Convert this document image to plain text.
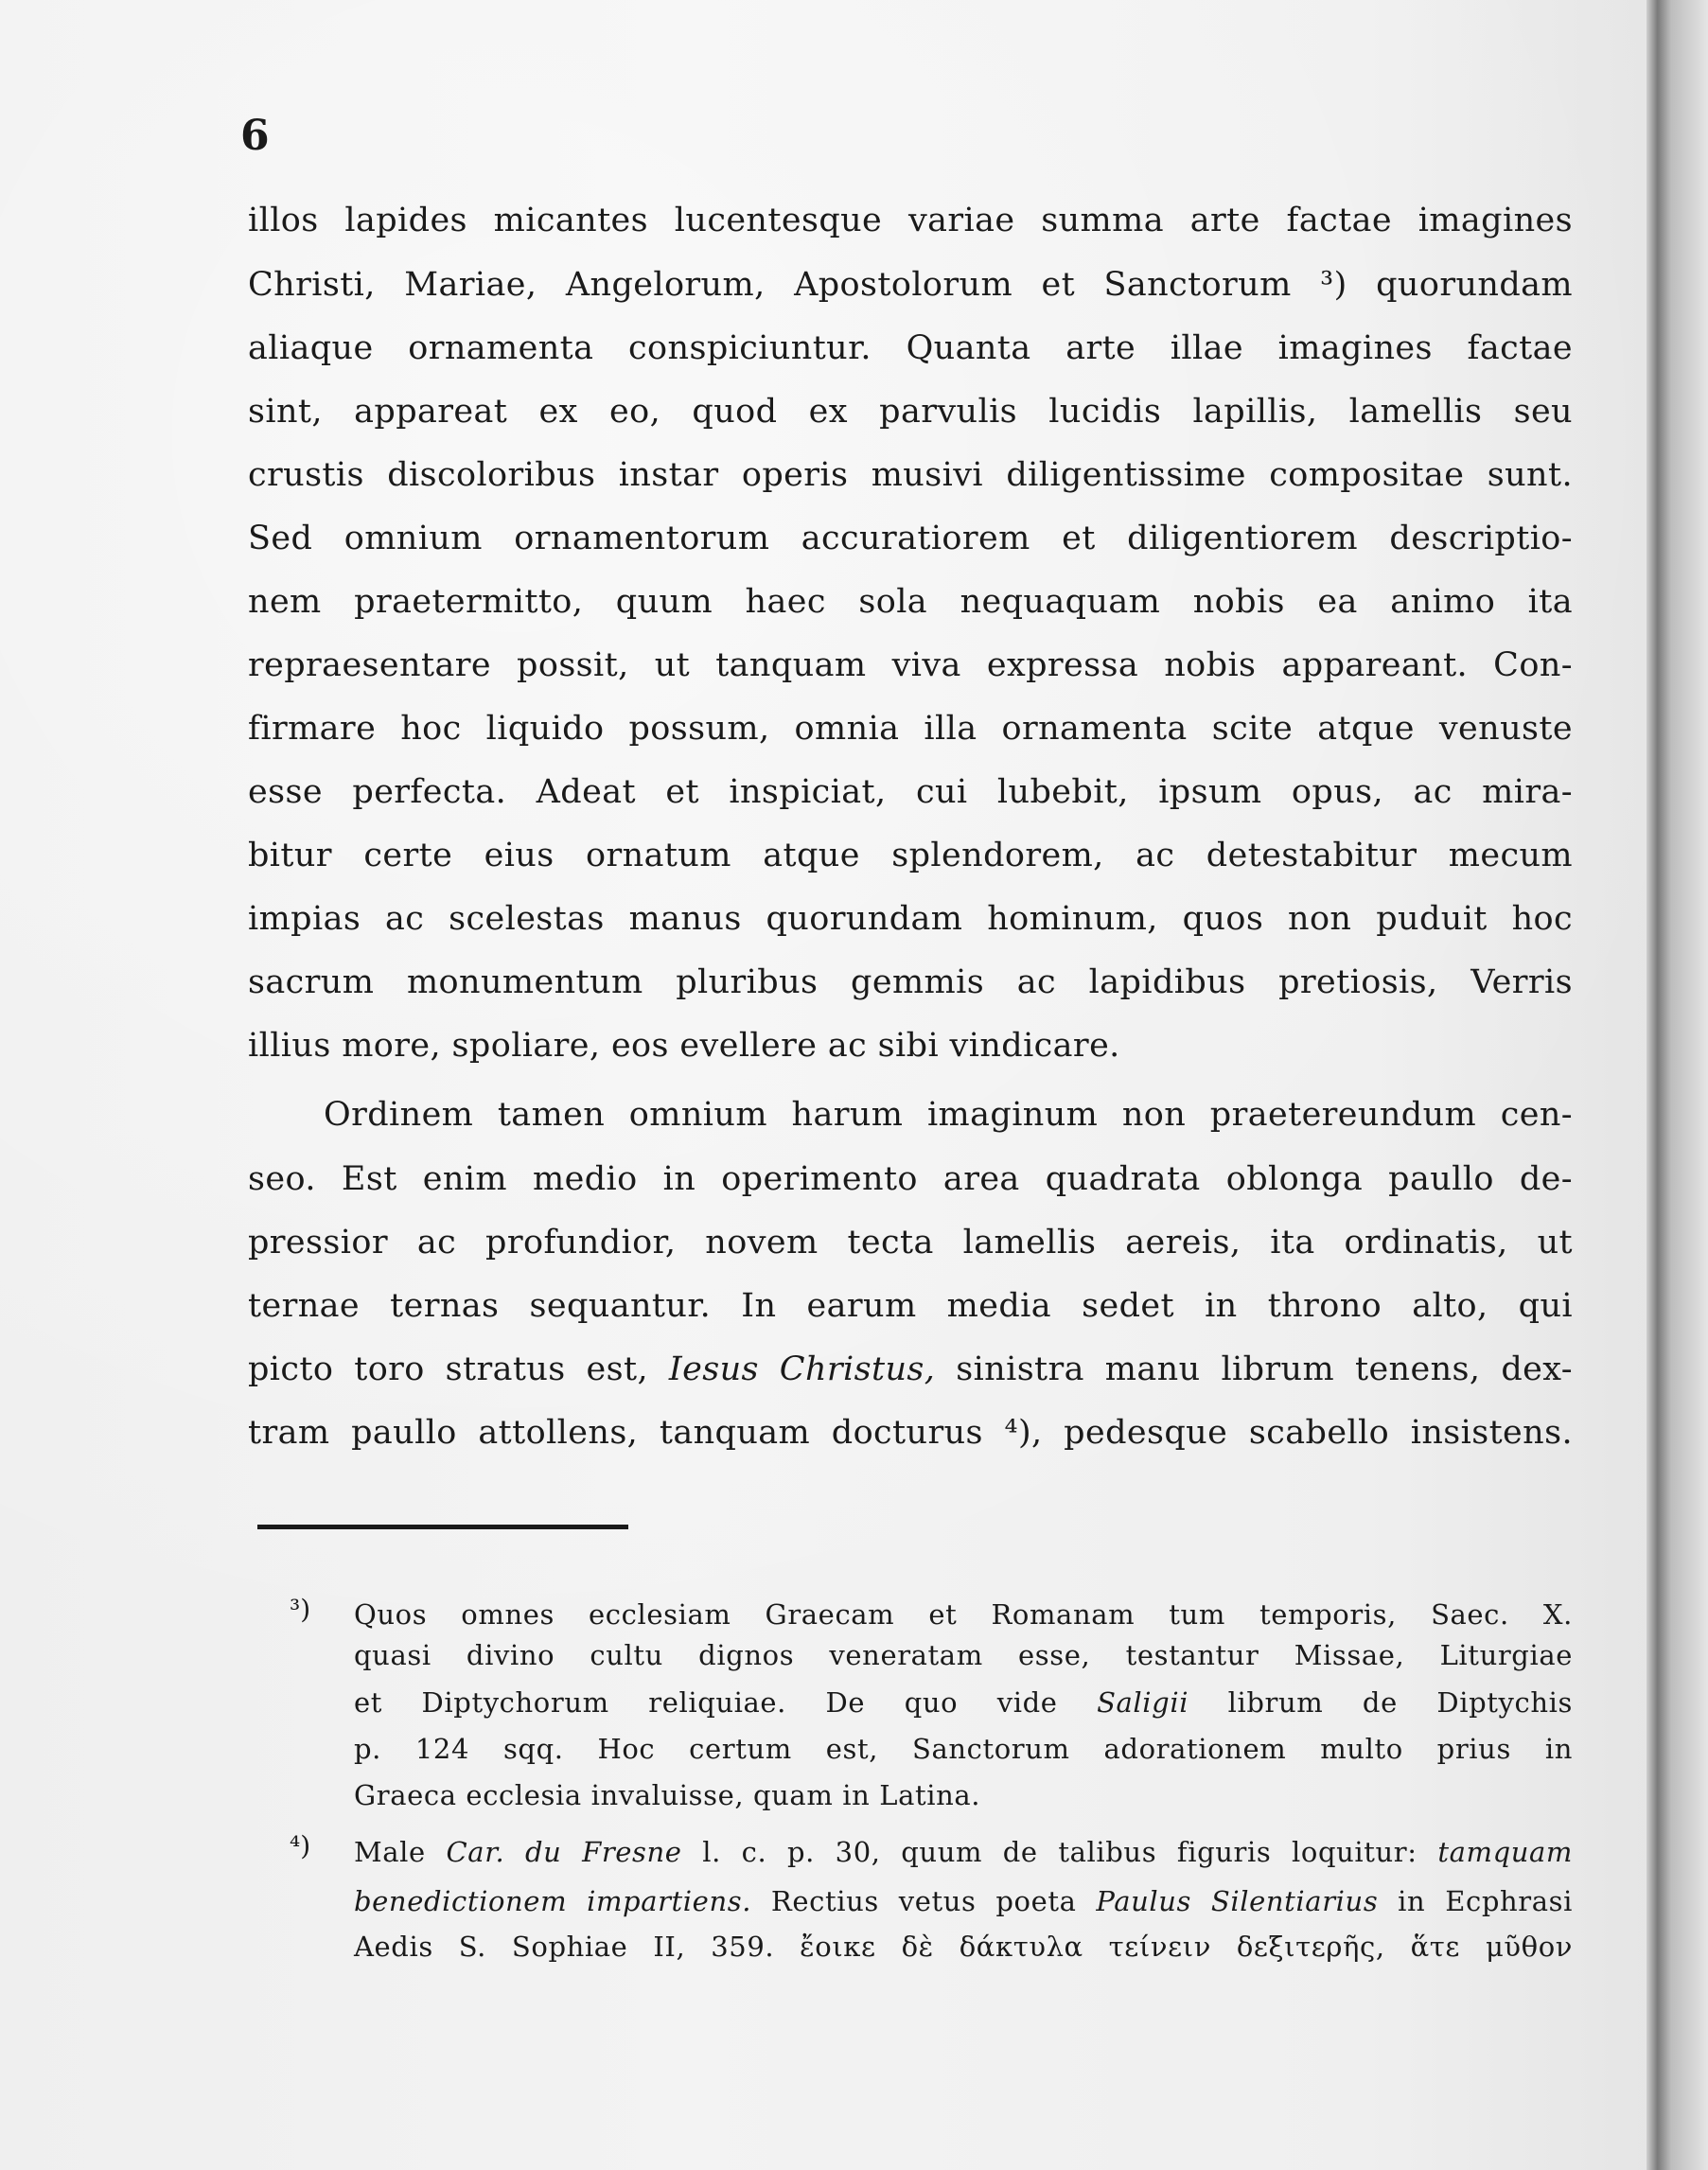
6
illos lapides micantes lucentesque variae summa arte factae imagines
Christi, Mariae, Angelorum, Apostolorum et Sanctorum ³) quorundam
aliaque ornamenta conspiciuntur. Quanta arte illae imagines factae
sint, appareat ex eo, quod ex parvulis lucidis lapillis, lamellis seu
crustis discoloribus instar operis musivi diligentissime compositae sunt.
Sed omnium ornamentorum accuratiorem et diligentiorem descriptio-
nem praetermitto, quum haec sola nequaquam nobis ea animo ita
repraesentare possit, ut tanquam viva expressa nobis appareant. Con-
firmare hoc liquido possum, omnia illa ornamenta scite atque venuste
esse perfecta. Adeat et inspiciat, cui lubebit, ipsum opus, ac mira-
bitur certe eius ornatum atque splendorem, ac detestabitur mecum
impias ac scelestas manus quorundam hominum, quos non puduit hoc
sacrum monumentum pluribus gemmis ac lapidibus pretiosis, Verris
illius more, spoliare, eos evellere ac sibi vindicare.
Ordinem tamen omnium harum imaginum non praetereundum cen-
seo. Est enim medio in operimento area quadrata oblonga paullo de-
pressior ac profundior, novem tecta lamellis aereis, ita ordinatis, ut
ternae ternas sequantur. In earum media sedet in throno alto, qui
picto toro stratus est, Iesus Christus, sinistra manu librum tenens, dex-
tram paullo attollens, tanquam docturus ⁴), pedesque scabello insistens.
³) Quos omnes ecclesiam Graecam et Romanam tum temporis, Saec. X.
quasi divino cultu dignos veneratam esse, testantur Missae, Liturgiae
et Diptychorum reliquiae. De quo vide Saligii librum de Diptychis
p. 124 sqq. Hoc certum est, Sanctorum adorationem multo prius in
Graeca ecclesia invaluisse, quam in Latina.
⁴) Male Car. du Fresne l. c. p. 30, quum de talibus figuris loquitur: tamquam
benedictionem impartiens. Rectius vetus poeta Paulus Silentiarius in Ecphrasi
Aedis S. Sophiae II, 359. ἔοικε δὲ δάκτυλα τείνειν δεξιτερῆς, ἅτε μῦθον
